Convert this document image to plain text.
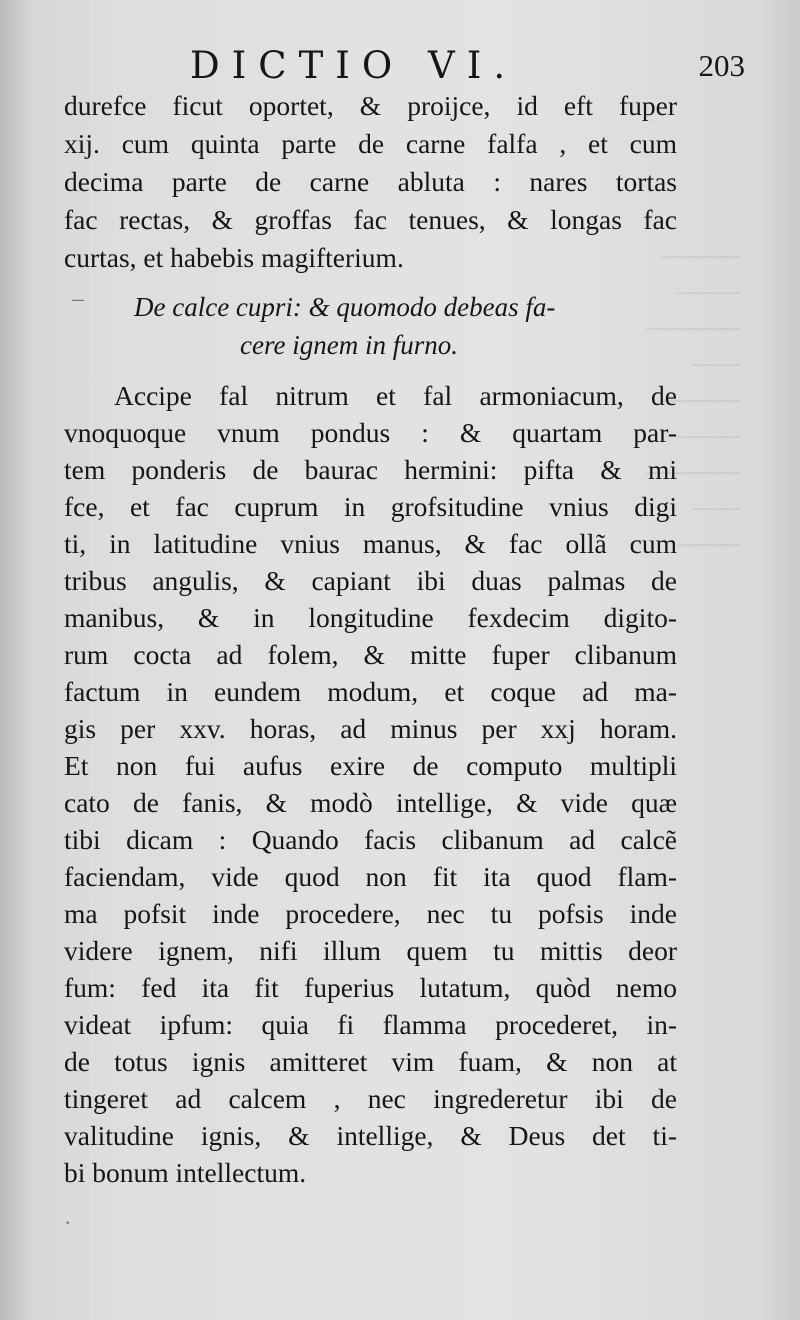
─────
────
──────
───
─────
────
──────
───
────
DICTIO VI.	203
durefce ficut oportet, & proijce, id eft fuper
xij. cum quinta parte de carne falfa , et cum
decima parte de carne abluta : nares tortas
fac rectas, & groffas fac tenues, & longas fac
curtas, et habebis magifterium.
– De calce cupri: & quomodo debeas fa-
cere ignem in furno.
Accipe fal nitrum et fal armoniacum, de
vnoquoque vnum pondus : & quartam par-
tem ponderis de baurac hermini: pifta & mi
fce, et fac cuprum in grofsitudine vnius digi
ti, in latitudine vnius manus, & fac ollã cum
tribus angulis, & capiant ibi duas palmas de
manibus, & in longitudine fexdecim digito-
rum cocta ad folem, & mitte fuper clibanum
factum in eundem modum, et coque ad ma-
gis per xxv. horas, ad minus per xxj horam.
Et non fui aufus exire de computo multipli
cato de fanis, & modò intellige, & vide quæ
tibi dicam : Quando facis clibanum ad calcẽ
faciendam, vide quod non fit ita quod flam-
ma pofsit inde procedere, nec tu pofsis inde
videre ignem, nifi illum quem tu mittis deor
fum: fed ita fit fuperius lutatum, quòd nemo
videat ipfum: quia fi flamma procederet, in-
de totus ignis amitteret vim fuam, & non at
tingeret ad calcem , nec ingrederetur ibi de
valitudine ignis, & intellige, & Deus det ti-
bi bonum intellectum.
·
